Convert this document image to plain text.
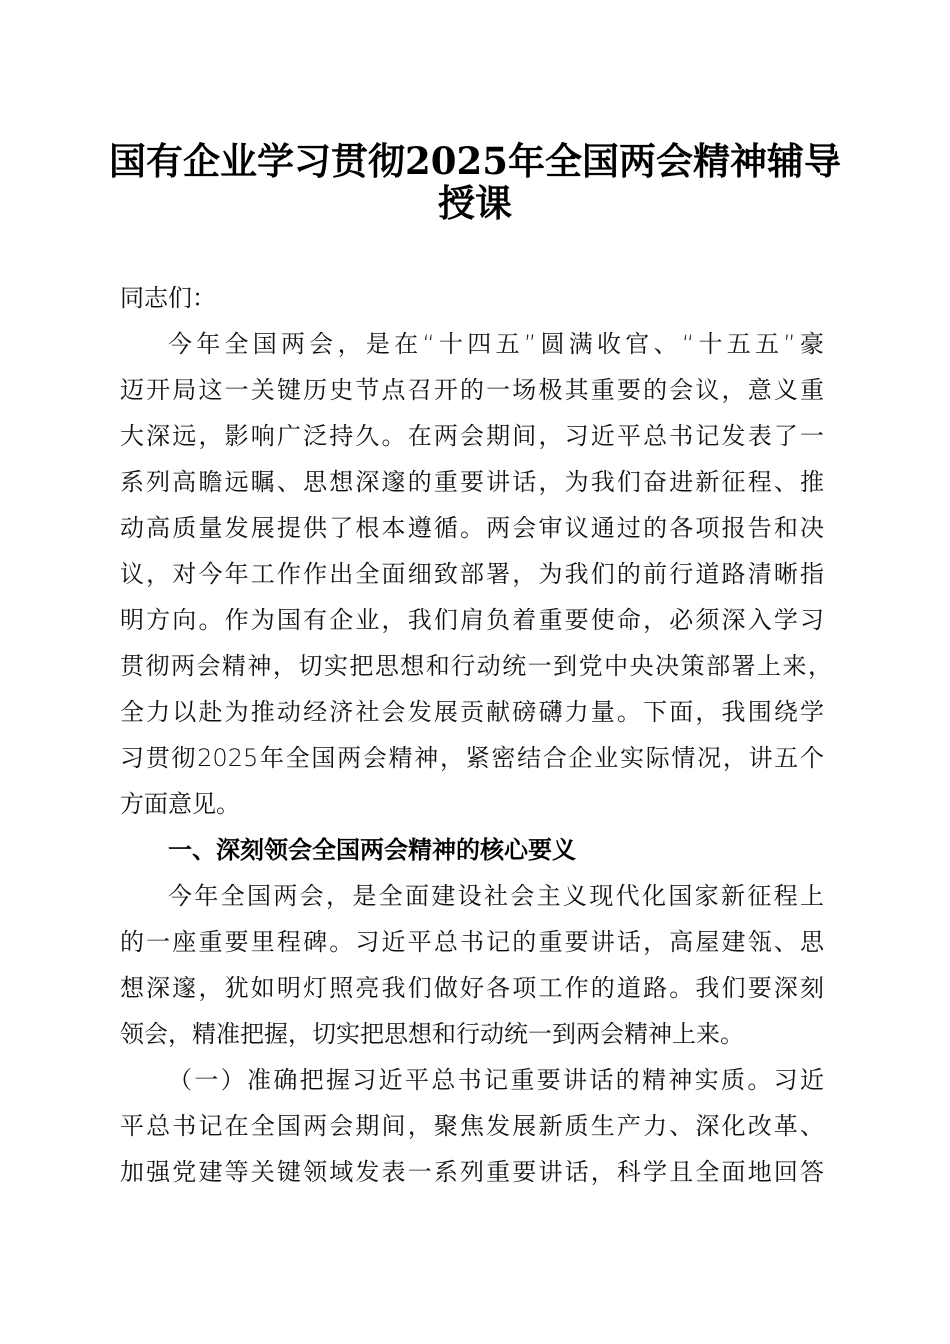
国有企业学习贯彻2025年全国两会精神辅导
授课
同志们：
今年全国两会，是在“十四五”圆满收官、“十五五”豪
迈开局这一关键历史节点召开的一场极其重要的会议，意义重
大深远，影响广泛持久。在两会期间，习近平总书记发表了一
系列高瞻远瞩、思想深邃的重要讲话，为我们奋进新征程、推
动高质量发展提供了根本遵循。两会审议通过的各项报告和决
议，对今年工作作出全面细致部署，为我们的前行道路清晰指
明方向。作为国有企业，我们肩负着重要使命，必须深入学习
贯彻两会精神，切实把思想和行动统一到党中央决策部署上来，
全力以赴为推动经济社会发展贡献磅礴力量。下面，我围绕学
习贯彻2025年全国两会精神，紧密结合企业实际情况，讲五个
方面意见。
一、深刻领会全国两会精神的核心要义
今年全国两会，是全面建设社会主义现代化国家新征程上
的一座重要里程碑。习近平总书记的重要讲话，高屋建瓴、思
想深邃，犹如明灯照亮我们做好各项工作的道路。我们要深刻
领会，精准把握，切实把思想和行动统一到两会精神上来。
（一）准确把握习近平总书记重要讲话的精神实质。习近
平总书记在全国两会期间，聚焦发展新质生产力、深化改革、
加强党建等关键领域发表一系列重要讲话，科学且全面地回答
